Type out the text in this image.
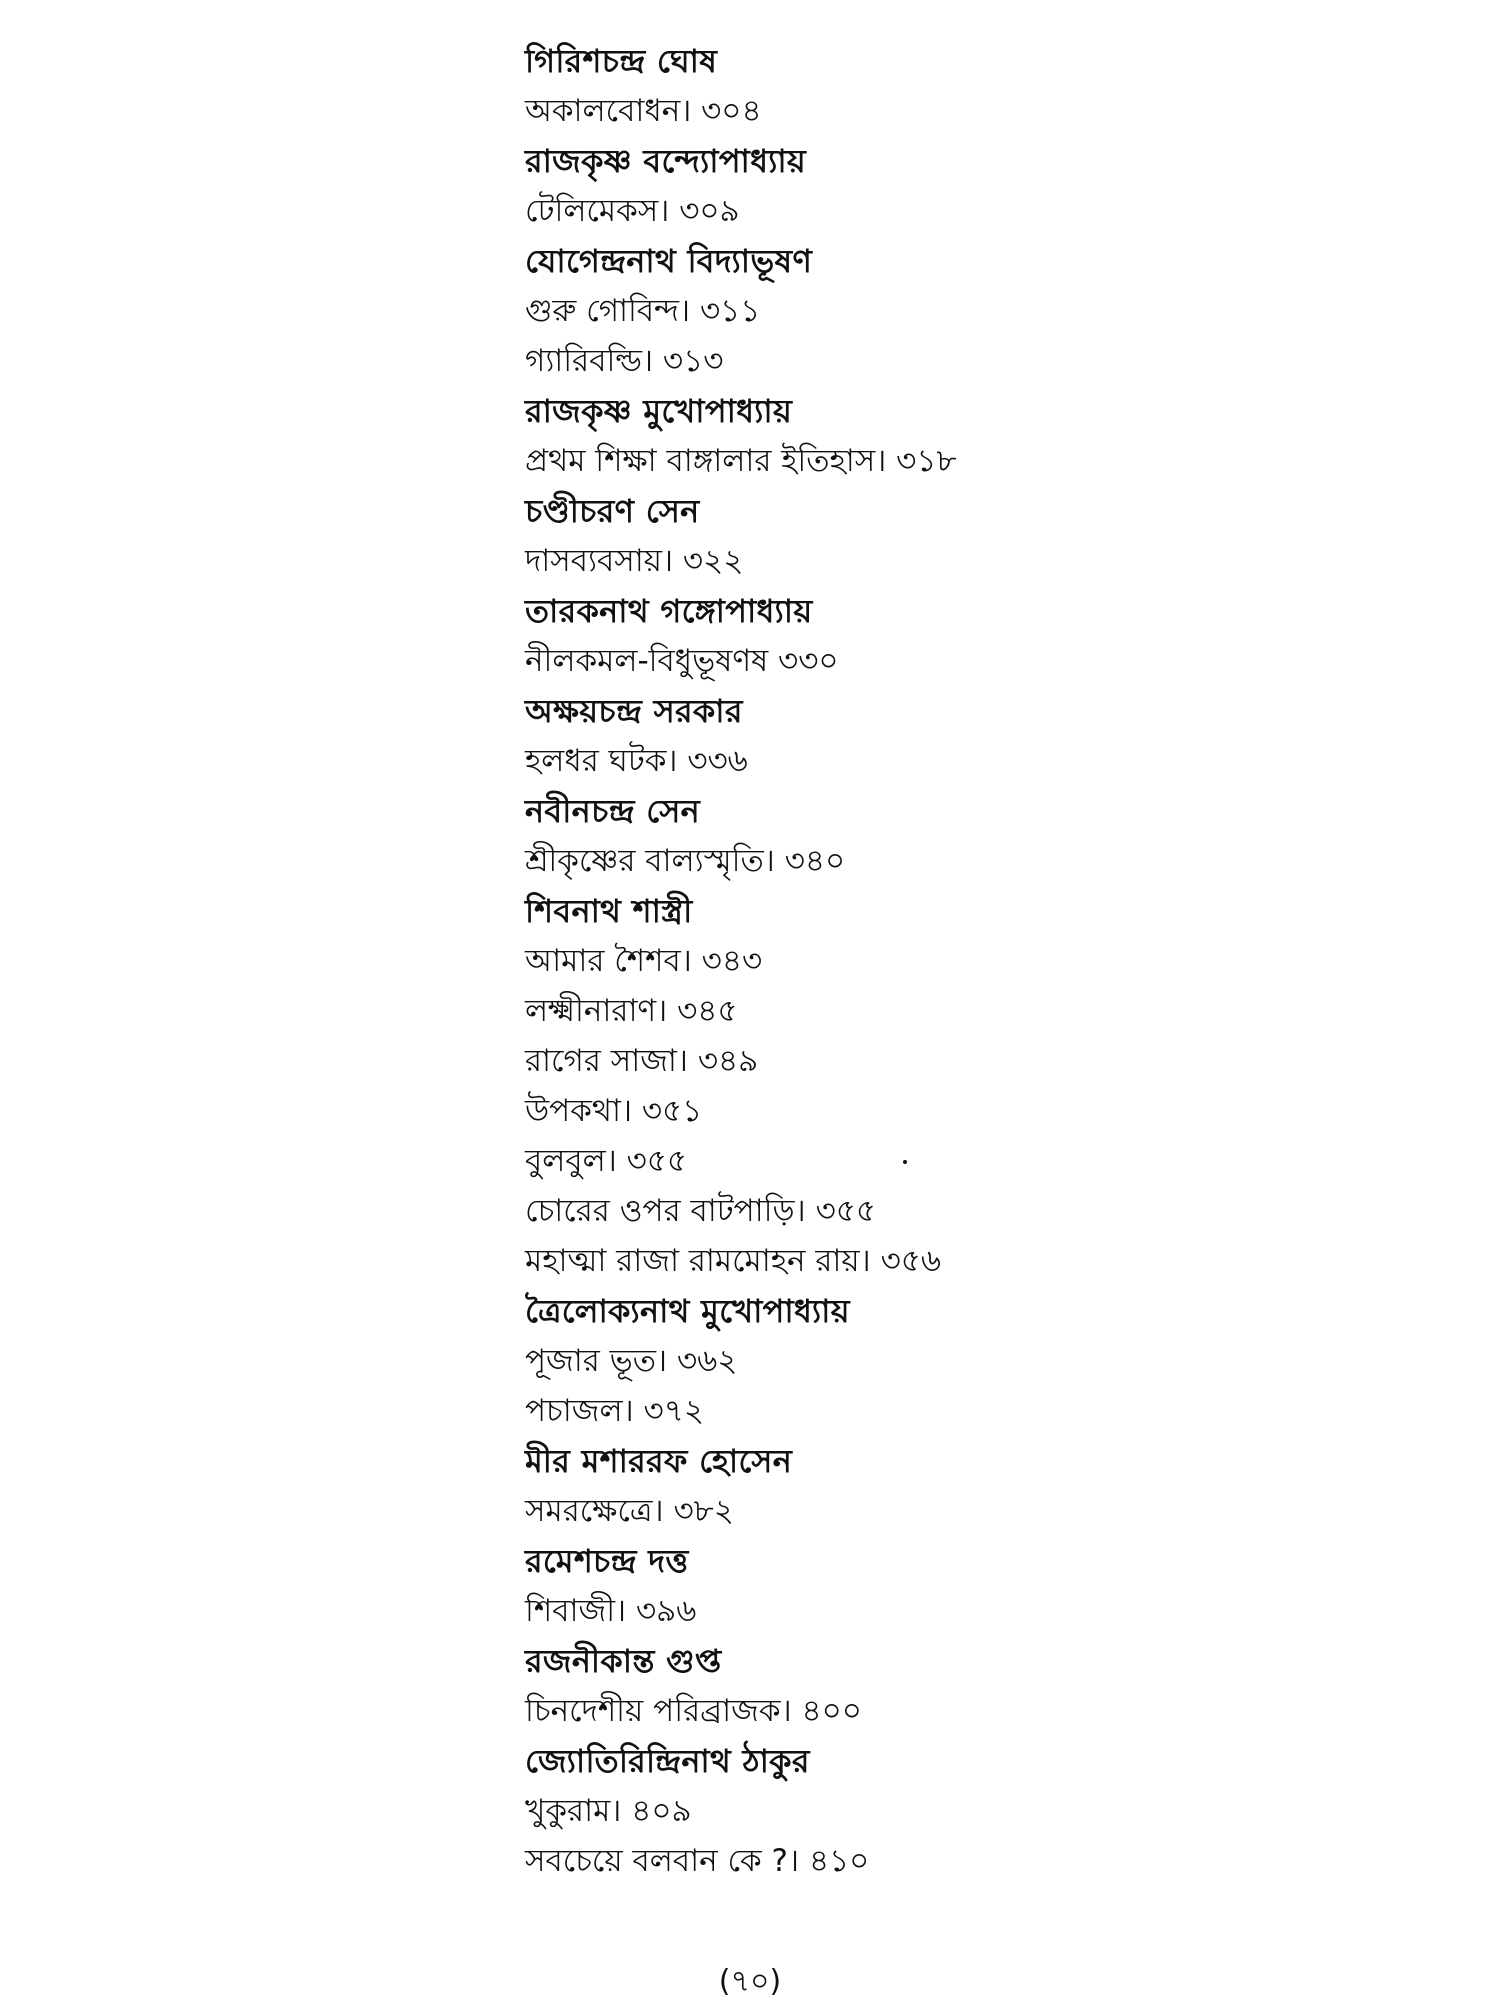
গিরিশচন্দ্র ঘোষ
অকালবোধন। ৩০৪
রাজকৃষ্ণ বন্দ্যোপাধ্যায়
টেলিমেকস। ৩০৯
যোগেন্দ্রনাথ বিদ্যাভূষণ
গুরু গোবিন্দ। ৩১১
গ্যারিবল্ডি। ৩১৩
রাজকৃষ্ণ মুখোপাধ্যায়
প্রথম শিক্ষা বাঙ্গালার ইতিহাস। ৩১৮
চণ্ডীচরণ সেন
দাসব্যবসায়। ৩২২
তারকনাথ গঙ্গোপাধ্যায়
নীলকমল-বিধুভূষণষ ৩৩০
অক্ষয়চন্দ্র সরকার
হলধর ঘটক। ৩৩৬
নবীনচন্দ্র সেন
শ্রীকৃষ্ণের বাল্যস্মৃতি। ৩৪০
শিবনাথ শাস্ত্রী
আমার শৈশব। ৩৪৩
লক্ষ্মীনারাণ। ৩৪৫
রাগের সাজা। ৩৪৯
উপকথা। ৩৫১
বুলবুল। ৩৫৫
চোরের ওপর বাটপাড়ি। ৩৫৫
মহাত্মা রাজা রামমোহন রায়। ৩৫৬
ত্রৈলোক্যনাথ মুখোপাধ্যায়
পূজার ভূত। ৩৬২
পচাজল। ৩৭২
মীর মশাররফ হোসেন
সমরক্ষেত্রে। ৩৮২
রমেশচন্দ্র দত্ত
শিবাজী। ৩৯৬
রজনীকান্ত গুপ্ত
চিনদেশীয় পরিব্রাজক। ৪০০
জ্যোতিরিন্দ্রিনাথ ঠাকুর
খুকুরাম। ৪০৯
সবচেয়ে বলবান কে ?। ৪১০
(৭০)
